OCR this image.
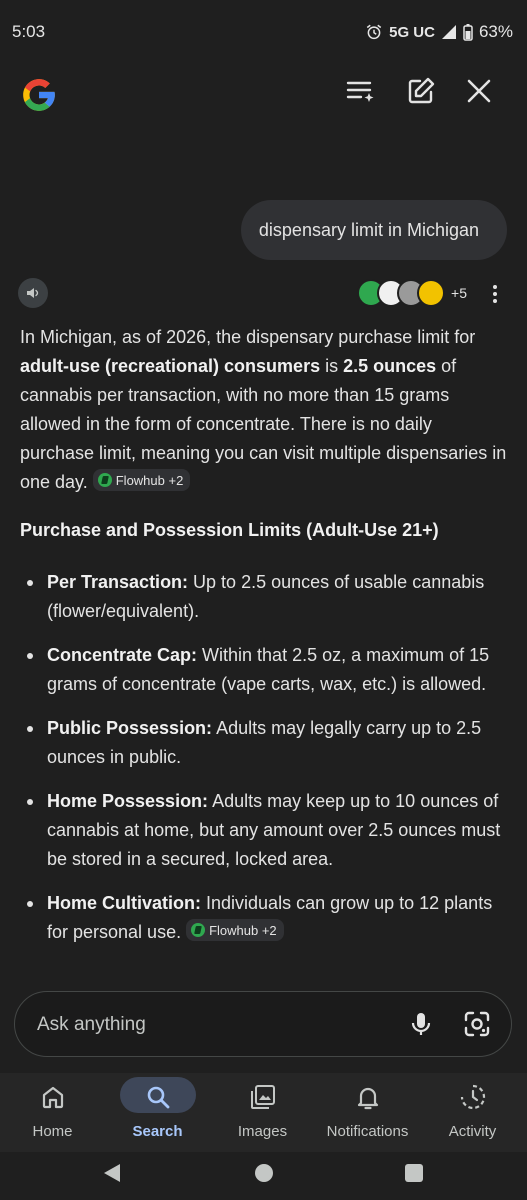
5:03	5G UC	63%
dispensary limit in Michigan
+5

In Michigan, as of 2026, the dispensary purchase limit for adult-use (recreational) consumers is 2.5 ounces of cannabis per transaction, with no more than 15 grams allowed in the form of concentrate. There is no daily purchase limit, meaning you can visit multiple dispensaries in one day. Flowhub +2

Purchase and Possession Limits (Adult-Use 21+)
Per Transaction: Up to 2.5 ounces of usable cannabis (flower/equivalent).
Concentrate Cap: Within that 2.5 oz, a maximum of 15 grams of concentrate (vape carts, wax, etc.) is allowed.
Public Possession: Adults may legally carry up to 2.5 ounces in public.
Home Possession: Adults may keep up to 10 ounces of cannabis at home, but any amount over 2.5 ounces must be stored in a secured, locked area.
Home Cultivation: Individuals can grow up to 12 plants for personal use. Flowhub +2
Ask anything
Home	Search	Images	Notifications	Activity
